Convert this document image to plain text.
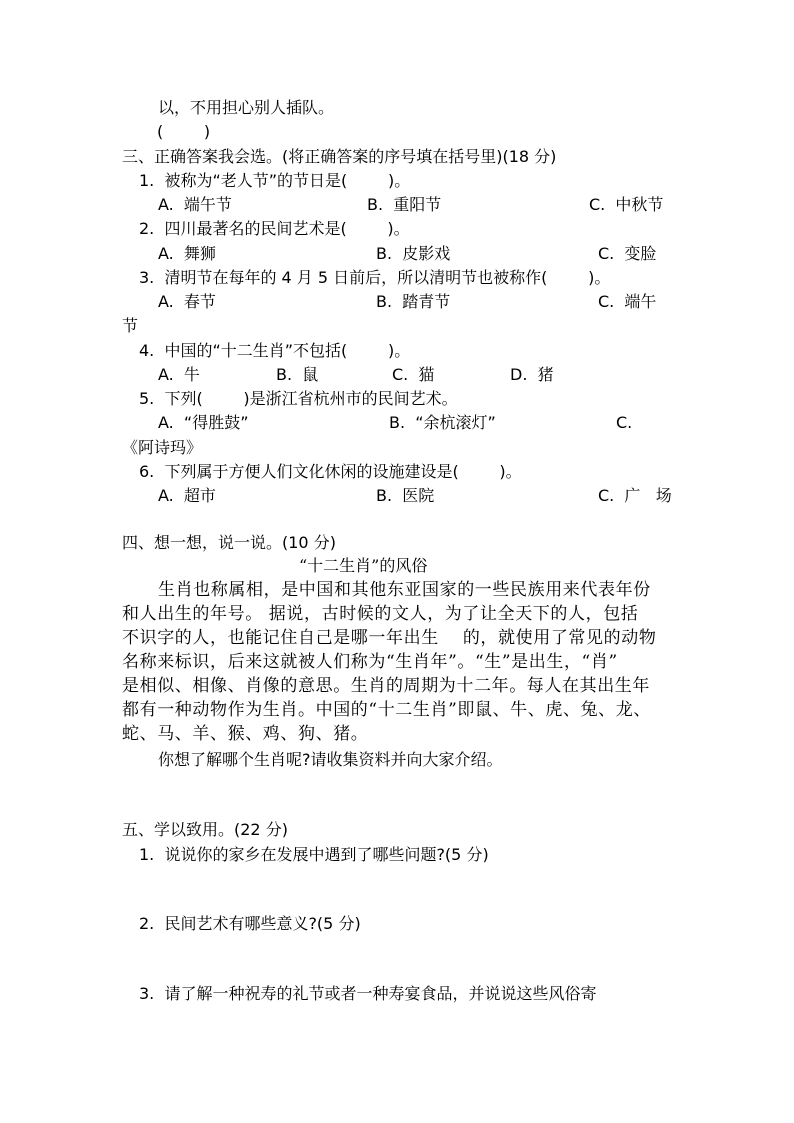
以，不用担心别人插队。
(        )
三、正确答案我会选。(将正确答案的序号填在括号里)(18 分)
1.  被称为“老人节”的节日是(        )。
A.  端午节	B.  重阳节	C.  中秋节
2.  四川最著名的民间艺术是(        )。
A.  舞狮	B.  皮影戏	C.  变脸
3.  清明节在每年的 4 月 5 日前后，所以清明节也被称作(        )。
A.  春节	B.  踏青节	C.  端午
节
4.  中国的“十二生肖”不包括(        )。
A.  牛	B.  鼠	C.  猫	D.  猪
5.  下列(        )是浙江省杭州市的民间艺术。
A.  “得胜鼓”	B.  “余杭滚灯”	C.
《阿诗玛》
6.  下列属于方便人们文化休闲的设施建设是(        )。
A.  超市	B.  医院	C.  广   场
四、想一想，说一说。(10 分)
“十二生肖”的风俗
生肖也称属相，是中国和其他东亚国家的一些民族用来代表年份
和人出生的年号。 据说，古时候的文人，为了让全天下的人，包括
不识字的人，也能记住自己是哪一年出生    的，就使用了常见的动物
名称来标识，后来这就被人们称为“生肖年”。“生”是出生，“肖”
是相似、相像、肖像的意思。生肖的周期为十二年。每人在其出生年
都有一种动物作为生肖。中国的“十二生肖”即鼠、牛、虎、兔、龙、
蛇、马、羊、猴、鸡、狗、猪。
你想了解哪个生肖呢?请收集资料并向大家介绍。
五、学以致用。(22 分)
1.  说说你的家乡在发展中遇到了哪些问题?(5 分)
2.  民间艺术有哪些意义?(5 分)
3.  请了解一种祝寿的礼节或者一种寿宴食品，并说说这些风俗寄
